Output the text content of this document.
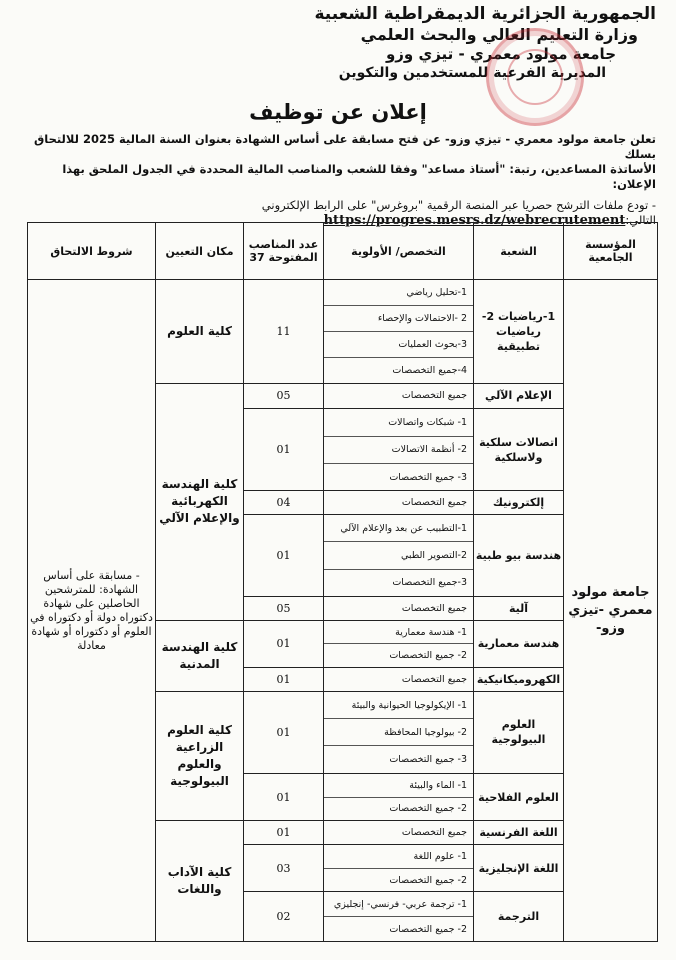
الجمهورية الجزائرية الديمقراطية الشعبية
وزارة التعليم العالي والبحث العلمي
جامعة مولود معمري - تيزي وزو
المديرية الفرعية للمستخدمين والتكوين
إعلان عن توظيف
تعلن جامعة مولود معمري - تيزي وزو- عن فتح مسابقة على أساس الشهادة بعنوان السنة المالية 2025 للالتحاق بسلك
الأساتذة المساعدين، رتبة: "أستاذ مساعد" وفقا للشعب والمناصب المالية المحددة في الجدول الملحق بهذا الإعلان:
- تودع ملفات الترشح حصريا عبر المنصة الرقمية "بروغرس" على الرابط الإلكتروني
التالي:https://progres.mesrs.dz/webrecrutement
المؤسسة الجامعية	الشعبة	التخصص/ الأولوية	عدد المناصب المفتوحة 37	مكان التعيين	شروط الالتحاق
جامعة مولود معمري -تيزي وزو-	1-رياضيات 2-رياضيات تطبيقية	1-تحليل رياضي
2 -الاحتمالات والإحصاء
3-بحوث العمليات
4-جميع التخصصات	11	كلية العلوم	- مسابقة على أساس الشهادة: للمترشحين الحاصلين على شهادة دكتوراه دولة أو دكتوراه في العلوم أو دكتوراه أو شهادة معادلة
	الإعلام الآلي	جميع التخصصات	05	كلية الهندسة الكهربائية والإعلام الآلي	
	اتصالات سلكية ولاسلكية	1- شبكات واتصالات
2- أنظمة الاتصالات
3- جميع التخصصات	01		
	إلكترونيك	جميع التخصصات	04		
	هندسة بيو طبية	1-التطبيب عن بعد والإعلام الآلي
2-التصوير الطبي
3-جميع التخصصات	01		
	آلية	جميع التخصصات	05		
	هندسة معمارية	1- هندسة معمارية
2- جميع التخصصات	01	كلية الهندسة المدنية	
	الكهروميكانيكية	جميع التخصصات	01		
	العلوم البيولوجية	1- الإيكولوجيا الحيوانية والبيئة
2- بيولوجيا المحافظة
3- جميع التخصصات	01	كلية العلوم الزراعية والعلوم البيولوجية	
	العلوم الفلاحية	1- الماء والبيئة
2- جميع التخصصات	01		
	اللغة الفرنسية	جميع التخصصات	01	كلية الآداب واللغات	
	اللغة الإنجليزية	1- علوم اللغة
2- جميع التخصصات	03		
	الترجمة	1- ترجمة عربي- فرنسي- إنجليزي
2- جميع التخصصات	02		
